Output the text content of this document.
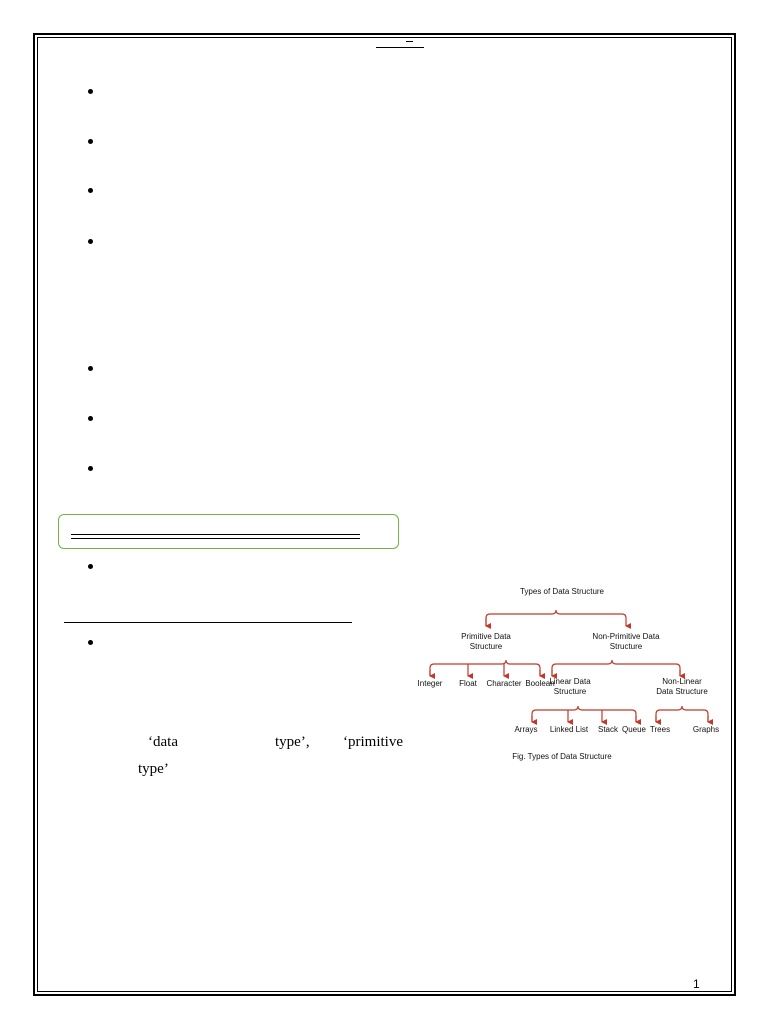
‘data	type’, ‘primitive
type’
Types of Data Structure
Primitive Data
Structure
Non-Primitive Data
Structure
Integer Float Character Boolean
Linear Data
Structure
Non-Linear
Data Structure
Arrays Linked List Stack Queue Trees	Graphs
Fig. Types of Data Structure
1
